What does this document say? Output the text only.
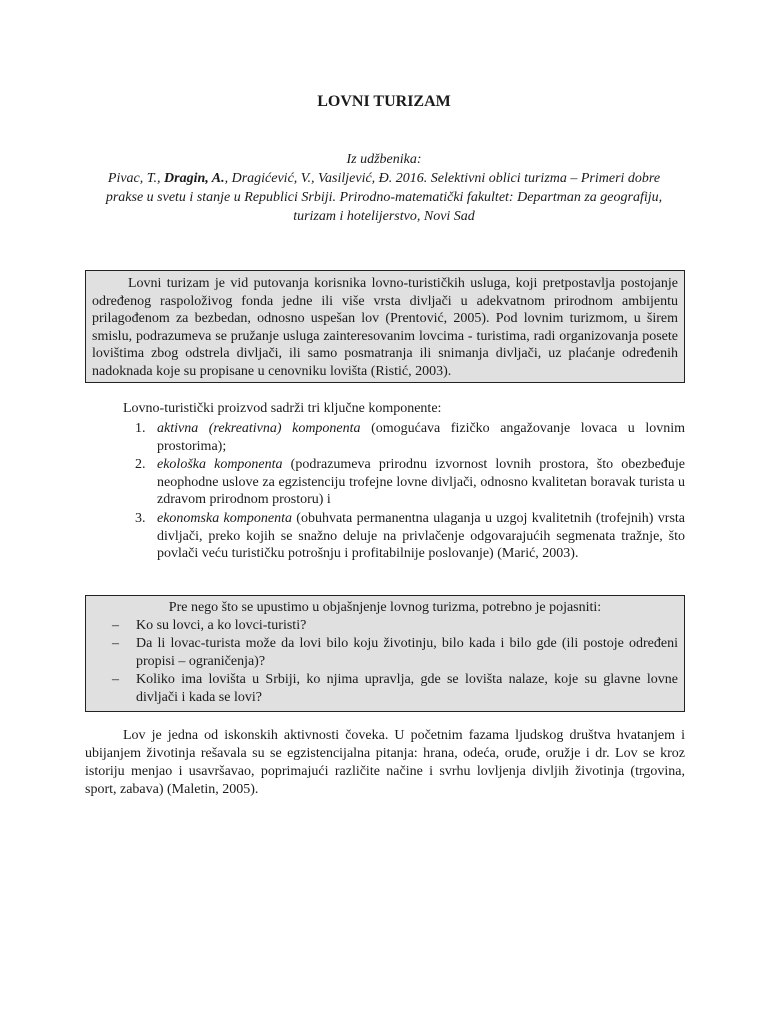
LOVNI TURIZAM
Iz udžbenika:
Pivac, T., Dragin, A., Dragićević, V., Vasiljević, Đ. 2016. Selektivni oblici turizma – Primeri dobre prakse u svetu i stanje u Republici Srbiji. Prirodno-matematički fakultet: Departman za geografiju, turizam i hotelijerstvo, Novi Sad

Lovni turizam je vid putovanja korisnika lovno-turističkih usluga, koji pretpostavlja postojanje određenog raspoloživog fonda jedne ili više vrsta divljači u adekvatnom prirodnom ambijentu prilagođenom za bezbedan, odnosno uspešan lov (Prentović, 2005). Pod lovnim turizmom, u širem smislu, podrazumeva se pružanje usluga zainteresovanim lovcima - turistima, radi organizovanja posete lovištima zbog odstrela divljači, ili samo posmatranja ili snimanja divljači, uz plaćanje određenih nadoknada koje su propisane u cenovniku lovišta (Ristić, 2003).

Lovno-turistički proizvod sadrži tri ključne komponente:

1. aktivna (rekreativna) komponenta (omogućava fizičko angažovanje lovaca u lovnim prostorima);
2. ekološka komponenta (podrazumeva prirodnu izvornost lovnih prostora, što obezbeđuje neophodne uslove za egzistenciju trofejne lovne divljači, odnosno kvalitetan boravak turista u zdravom prirodnom prostoru) i
3. ekonomska komponenta (obuhvata permanentna ulaganja u uzgoj kvalitetnih (trofejnih) vrsta divljači, preko kojih se snažno deluje na privlačenje odgovarajućih segmenata tražnje, što povlači veću turističku potrošnju i profitabilnije poslovanje) (Marić, 2003).

Pre nego što se upustimo u objašnjenje lovnog turizma, potrebno je pojasniti:

– Ko su lovci, a ko lovci-turisti?
– Da li lovac-turista može da lovi bilo koju životinju, bilo kada i bilo gde (ili postoje određeni propisi – ograničenja)?
– Koliko ima lovišta u Srbiji, ko njima upravlja, gde se lovišta nalaze, koje su glavne lovne divljači i kada se lovi?

Lov je jedna od iskonskih aktivnosti čoveka. U početnim fazama ljudskog društva hvatanjem i ubijanjem životinja rešavala su se egzistencijalna pitanja: hrana, odeća, oruđe, oružje i dr. Lov se kroz istoriju menjao i usavršavao, poprimajući različite načine i svrhu lovljenja divljih životinja (trgovina, sport, zabava) (Maletin, 2005).
